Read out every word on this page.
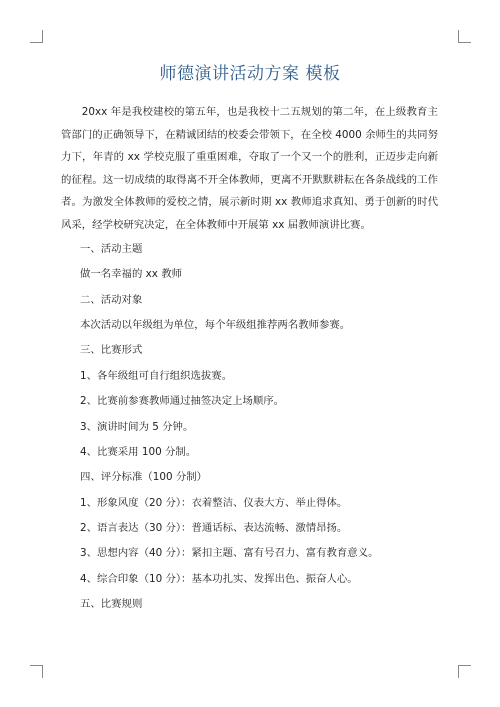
师德演讲活动方案 模板

20xx 年是我校建校的第五年，也是我校十二五规划的第二年，在上级教育主管部门的正确领导下，在精诚团结的校委会带领下，在全校 4000 余师生的共同努力下，年青的 xx 学校克服了重重困难，夺取了一个又一个的胜利，正迈步走向新的征程。这一切成绩的取得离不开全体教师，更离不开默默耕耘在各条战线的工作者。为激发全体教师的爱校之情，展示新时期 xx 教师追求真知、勇于创新的时代风采，经学校研究决定，在全体教师中开展第 xx 届教师演讲比赛。

一、活动主题
做一名幸福的 xx 教师
二、活动对象
本次活动以年级组为单位，每个年级组推荐两名教师参赛。
三、比赛形式
1、各年级组可自行组织选拔赛。
2、比赛前参赛教师通过抽签决定上场顺序。
3、演讲时间为 5 分钟。
4、比赛采用 100 分制。
四、评分标准（100 分制）
1、形象风度（20 分）：衣着整洁、仪表大方、举止得体。
2、语言表达（30 分）：普通话标、表达流畅、激情昂扬。
3、思想内容（40 分）：紧扣主题、富有号召力、富有教育意义。
4、综合印象（10 分）：基本功扎实、发挥出色、振奋人心。
五、比赛规则
